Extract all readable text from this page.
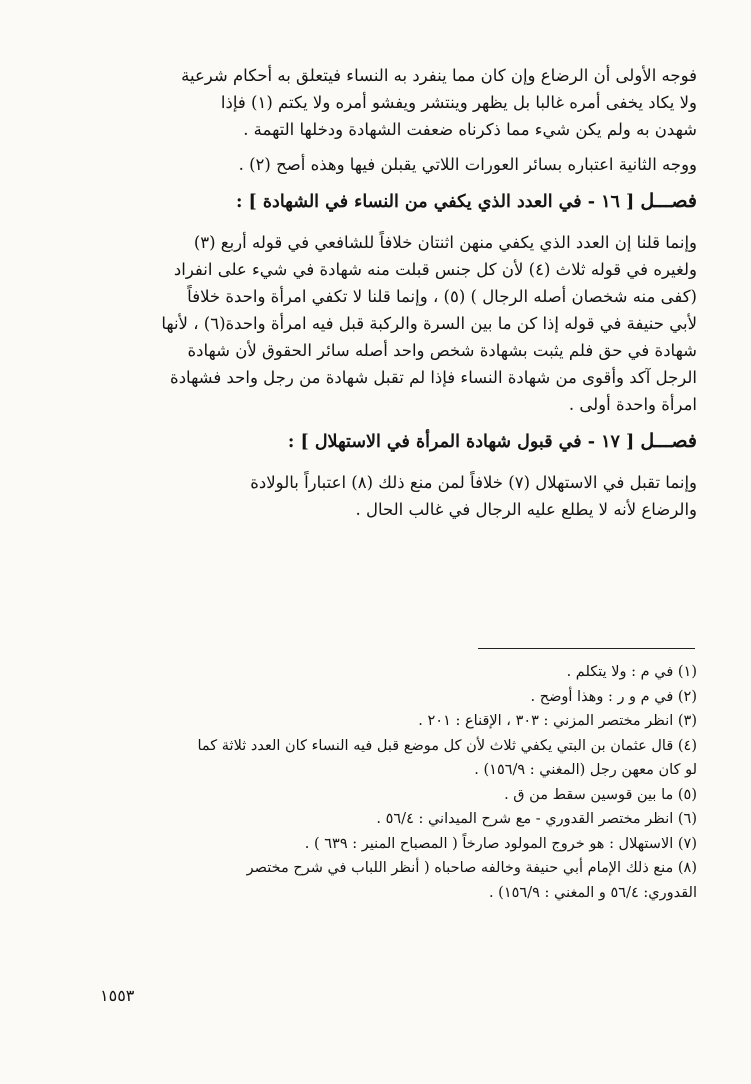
فوجه الأولى أن الرضاع وإن كان مما ينفرد به النساء فيتعلق به أحكام شرعية
ولا يكاد يخفى أمره غالبا بل يظهر وينتشر ويفشو أمره ولا يكتم (١) فإذا
شهدن به ولم يكن شيء مما ذكرناه ضعفت الشهادة ودخلها التهمة .
ووجه الثانية اعتباره بسائر العورات اللاتي يقبلن فيها وهذه أصح (٢) .
فصـــل [ ١٦ - في العدد الذي يكفي من النساء في الشهادة ] :
وإنما قلنا إن العدد الذي يكفي منهن اثنتان خلافاً للشافعي في قوله أربع (٣)
ولغيره في قوله ثلاث (٤) لأن كل جنس قبلت منه شهادة في شيء على انفراد
(كفى منه شخصان أصله الرجال ) (٥) ، وإنما قلنا لا تكفي امرأة واحدة خلافاً
لأبي حنيفة في قوله إذا كن ما بين السرة والركبة قبل فيه امرأة واحدة(٦) ، لأنها
شهادة في حق فلم يثبت بشهادة شخص واحد أصله سائر الحقوق لأن شهادة
الرجل آكد وأقوى من شهادة النساء فإذا لم تقبل شهادة من رجل واحد فشهادة
امرأة واحدة أولى .
فصـــل [ ١٧ - في قبول شهادة المرأة في الاستهلال ] :
وإنما تقبل في الاستهلال (٧) خلافاً لمن منع ذلك (٨) اعتباراً بالولادة
والرضاع لأنه لا يطلع عليه الرجال في غالب الحال .
(١) في م : ولا يتكلم .
(٢) في م و ر : وهذا أوضح .
(٣) انظر مختصر المزني : ٣٠٣ ، الإقناع : ٢٠١ .
(٤) قال عثمان بن البتي يكفي ثلاث لأن كل موضع قبل فيه النساء كان العدد ثلاثة كما
لو كان معهن رجل (المغني : ١٥٦/٩) .
(٥) ما بين قوسين سقط من ق .
(٦) انظر مختصر القدوري - مع شرح الميداني : ٥٦/٤ .
(٧) الاستهلال : هو خروج المولود صارخاً ( المصباح المنير : ٦٣٩ ) .
(٨) منع ذلك الإمام أبي حنيفة وخالفه صاحباه ( أنظر اللباب في شرح مختصر
القدوري: ٥٦/٤ و المغني : ١٥٦/٩) .
١٥٥٣
